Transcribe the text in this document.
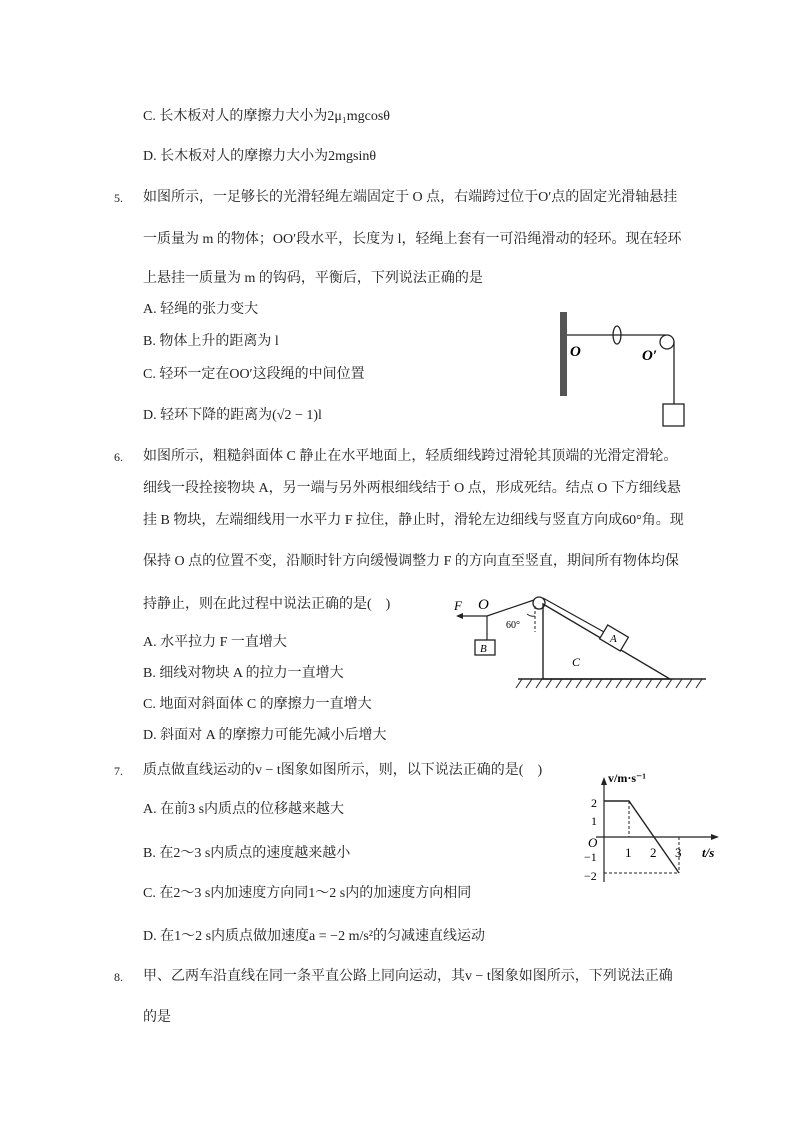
C. 长木板对人的摩擦力大小为2μ₁mgcosθ
D. 长木板对人的摩擦力大小为2mgsinθ
5. 如图所示，一足够长的光滑轻绳左端固定于 O 点，右端跨过位于O′点的固定光滑轴悬挂
一质量为 m 的物体；OO′段水平，长度为 l，轻绳上套有一可沿绳滑动的轻环。现在轻环
上悬挂一质量为 m 的钩码，平衡后，下列说法正确的是
A. 轻绳的张力变大
B. 物体上升的距离为 l
C. 轻环一定在OO′这段绳的中间位置
D. 轻环下降的距离为(√2 − 1)l
O	O′
6. 如图所示，粗糙斜面体 C 静止在水平地面上，轻质细线跨过滑轮其顶端的光滑定滑轮。
细线一段拴接物块 A，另一端与另外两根细线结于 O 点，形成死结。结点 O 下方细线悬
挂 B 物块，左端细线用一水平力 F 拉住，静止时，滑轮左边细线与竖直方向成60°角。现
保持 O 点的位置不变，沿顺时针方向缓慢调整力 F 的方向直至竖直，期间所有物体均保
持静止，则在此过程中说法正确的是(　)
A. 水平拉力 F 一直增大
B. 细线对物块 A 的拉力一直增大
C. 地面对斜面体 C 的摩擦力一直增大
D. 斜面对 A 的摩擦力可能先减小后增大
C
A
60°
F O
B
7. 质点做直线运动的v − t图象如图所示，则，以下说法正确的是(　)
A. 在前3 s内质点的位移越来越大
B. 在2～3 s内质点的速度越来越小
C. 在2～3 s内加速度方向同1～2 s内的加速度方向相同
D. 在1～2 s内质点做加速度a = −2 m/s²的匀减速直线运动
v/m·s⁻¹
t/s
O
2
1
−1
−2
1 2 3
8. 甲、乙两车沿直线在同一条平直公路上同向运动，其v − t图象如图所示，下列说法正确
的是
